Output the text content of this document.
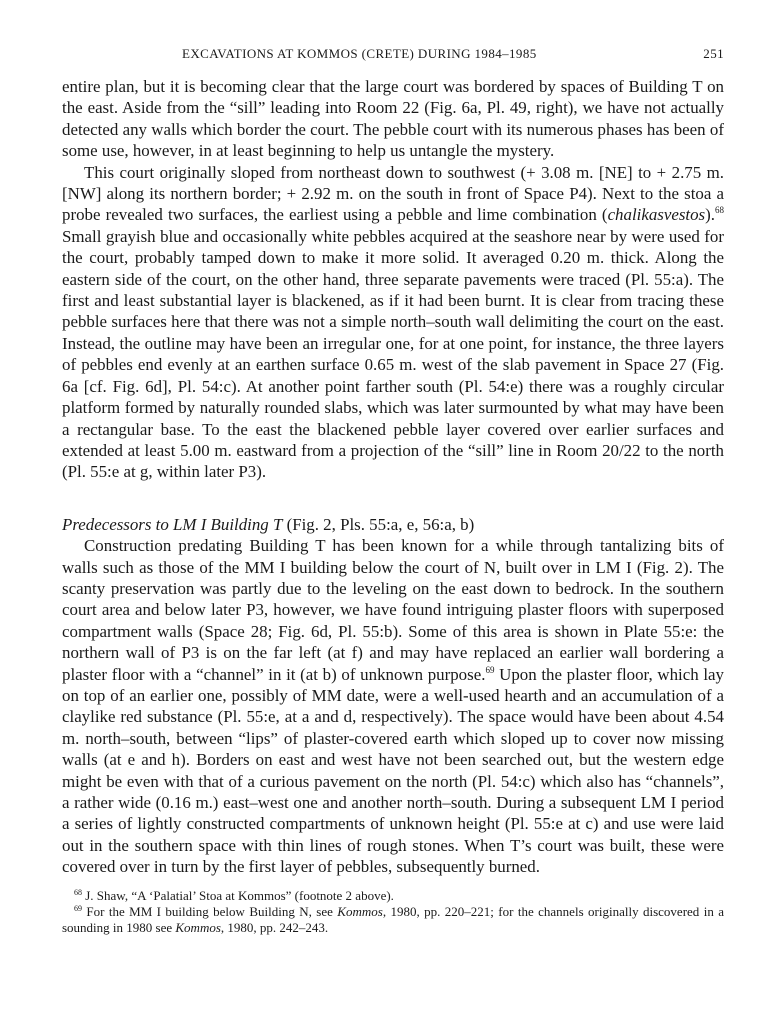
EXCAVATIONS AT KOMMOS (CRETE) DURING 1984–1985	251

entire plan, but it is becoming clear that the large court was bordered by spaces of Building T on the east. Aside from the “sill” leading into Room 22 (Fig. 6a, Pl. 49, right), we have not actually detected any walls which border the court. The pebble court with its numerous phases has been of some use, however, in at least beginning to help us untangle the mystery.

This court originally sloped from northeast down to southwest (+ 3.08 m. [NE] to + 2.75 m. [NW] along its northern border; + 2.92 m. on the south in front of Space P4). Next to the stoa a probe revealed two surfaces, the earliest using a pebble and lime combination (chalikasvestos).$^{68}$ Small grayish blue and occasionally white pebbles acquired at the seashore near by were used for the court, probably tamped down to make it more solid. It averaged 0.20 m. thick. Along the eastern side of the court, on the other hand, three separate pavements were traced (Pl. 55:a). The first and least substantial layer is blackened, as if it had been burnt. It is clear from tracing these pebble surfaces here that there was not a simple north–south wall delimiting the court on the east. Instead, the outline may have been an irregular one, for at one point, for instance, the three layers of pebbles end evenly at an earthen surface 0.65 m. west of the slab pavement in Space 27 (Fig. 6a [cf. Fig. 6d], Pl. 54:c). At another point farther south (Pl. 54:e) there was a roughly circular platform formed by naturally rounded slabs, which was later surmounted by what may have been a rectangular base. To the east the blackened pebble layer covered over earlier surfaces and extended at least 5.00 m. eastward from a projection of the “sill” line in Room 20/22 to the north (Pl. 55:e at g, within later P3).

Predecessors to LM I Building T (Fig. 2, Pls. 55:a, e, 56:a, b)

Construction predating Building T has been known for a while through tantalizing bits of walls such as those of the MM I building below the court of N, built over in LM I (Fig. 2). The scanty preservation was partly due to the leveling on the east down to bedrock. In the southern court area and below later P3, however, we have found intriguing plaster floors with superposed compartment walls (Space 28; Fig. 6d, Pl. 55:b). Some of this area is shown in Plate 55:e: the northern wall of P3 is on the far left (at f) and may have replaced an earlier wall bordering a plaster floor with a “channel” in it (at b) of unknown purpose.$^{69}$ Upon the plaster floor, which lay on top of an earlier one, possibly of MM date, were a well-used hearth and an accumulation of a claylike red substance (Pl. 55:e, at a and d, respectively). The space would have been about 4.54 m. north–south, between “lips” of plaster-covered earth which sloped up to cover now missing walls (at e and h). Borders on east and west have not been searched out, but the western edge might be even with that of a curious pavement on the north (Pl. 54:c) which also has “channels”, a rather wide (0.16 m.) east–west one and another north–south. During a subsequent LM I period a series of lightly constructed compartments of unknown height (Pl. 55:e at c) and use were laid out in the southern space with thin lines of rough stones. When T’s court was built, these were covered over in turn by the first layer of pebbles, subsequently burned.

$^{68}$ J. Shaw, “A ‘Palatial’ Stoa at Kommos” (footnote 2 above).

$^{69}$ For the MM I building below Building N, see Kommos, 1980, pp. 220–221; for the channels originally discovered in a sounding in 1980 see Kommos, 1980, pp. 242–243.
